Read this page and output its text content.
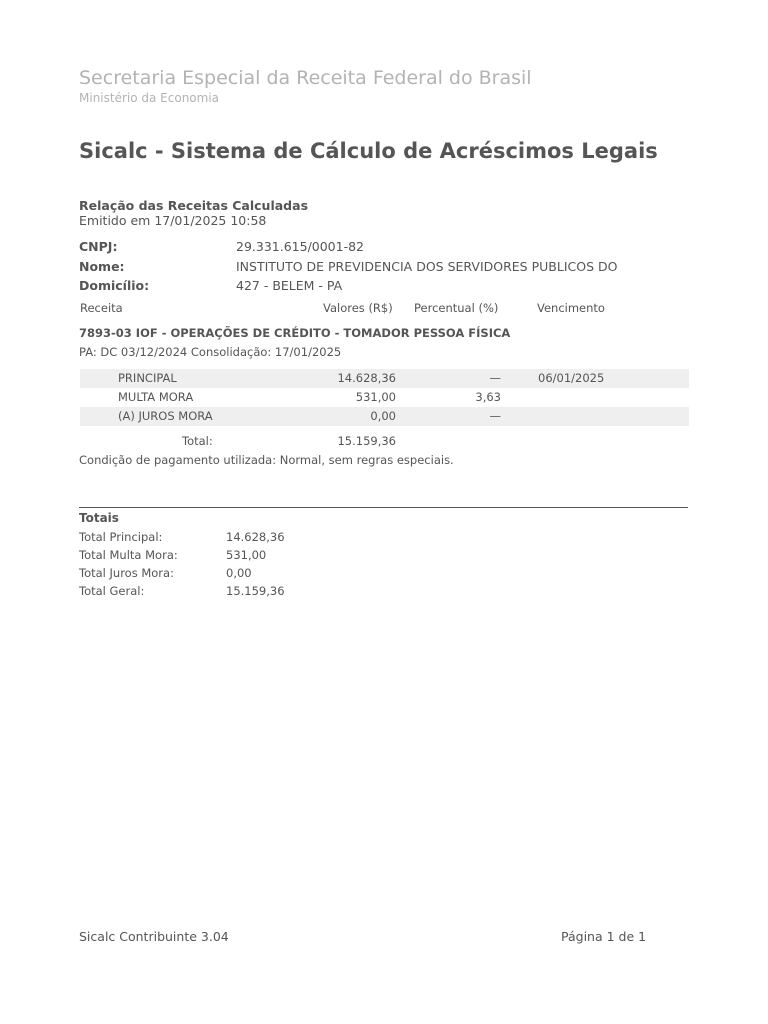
Secretaria Especial da Receita Federal do Brasil
Ministério da Economia
Sicalc - Sistema de Cálculo de Acréscimos Legais
Relação das Receitas Calculadas
Emitido em 17/01/2025 10:58
CNPJ:	29.331.615/0001-82
Nome:	INSTITUTO DE PREVIDENCIA DOS SERVIDORES PUBLICOS DO
Domicílio:	427 - BELEM - PA
Receita	Valores (R$) Percentual (%)	Vencimento
7893-03 IOF - OPERAÇÕES DE CRÉDITO - TOMADOR PESSOA FÍSICA
PA: DC 03/12/2024 Consolidação: 17/01/2025
PRINCIPAL	14.628,36	—	06/01/2025
MULTA MORA	531,00	3,63
(A) JUROS MORA	0,00	—
Total:	15.159,36
Condição de pagamento utilizada: Normal, sem regras especiais.
Totais
Total Principal:	14.628,36
Total Multa Mora:	531,00
Total Juros Mora:	0,00
Total Geral:	15.159,36
Sicalc Contribuinte 3.04	Página 1 de 1
